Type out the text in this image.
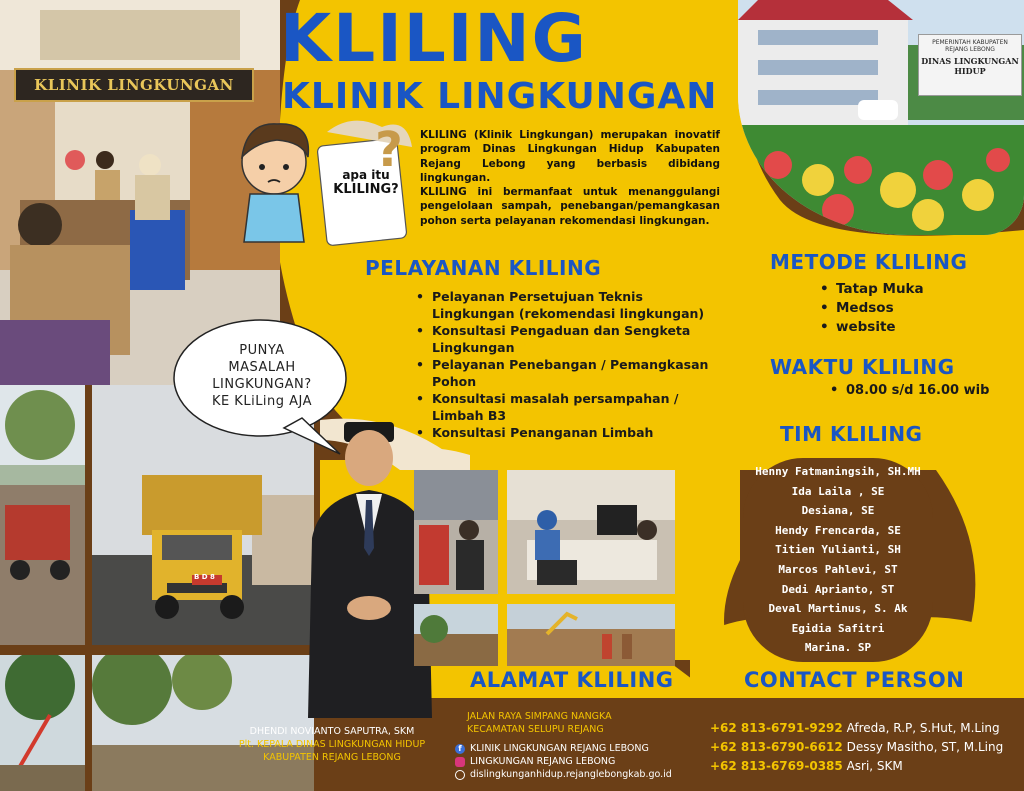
KLINIK LINGKUNGAN
PEMERINTAH KABUPATEN
REJANG LEBONG
DINAS LINGKUNGAN HIDUP
KLILING
KLINIK LINGKUNGAN
?
apa itu
KLILING?

KLILING (Klinik Lingkungan) merupakan inovatif program Dinas Lingkungan Hidup Kabupaten Rejang Lebong yang berbasis dibidang lingkungan.

KLILING ini bermanfaat untuk menanggulangi pengelolaan sampah, penebangan/pemangkasan pohon serta pelayanan rekomendasi lingkungan.

PELAYANAN KLILING
• Pelayanan Persetujuan Teknis Lingkungan (rekomendasi lingkungan)
• Konsultasi Pengaduan dan Sengketa Lingkungan
• Pelayanan Penebangan / Pemangkasan Pohon
• Konsultasi masalah persampahan / Limbah B3
• Konsultasi Penanganan Limbah
METODE KLILING
• Tatap Muka
• Medsos
• website
WAKTU KLILING
• 08.00 s/d 16.00 wib
TIM KLILING
Henny Fatmaningsih, SH.MH
Ida Laila , SE
Desiana, SE
Hendy Frencarda, SE
Titien Yulianti, SH
Marcos Pahlevi, ST
Dedi Aprianto, ST
Deval Martinus, S. Ak
Egidia Safitri
Marina. SP
B D 8
PUNYA
MASALAH
LINGKUNGAN?
KE KLiLing AJA
ALAMAT KLILING	CONTACT PERSON
DHENDI NOVIANTO SAPUTRA, SKM
Plt. KEPALA DINAS LINGKUNGAN HIDUP
KABUPATEN REJANG LEBONG
JALAN RAYA SIMPANG NANGKA
KECAMATAN SELUPU REJANG
f KLINIK LINGKUNGAN REJANG LEBONG
LINGKUNGAN REJANG LEBONG
dislingkunganhidup.rejanglebongkab.go.id
+62 813-6791-9292 Afreda, R.P, S.Hut, M.Ling
+62 813-6790-6612 Dessy Masitho, ST, M.Ling
+62 813-6769-0385 Asri, SKM
